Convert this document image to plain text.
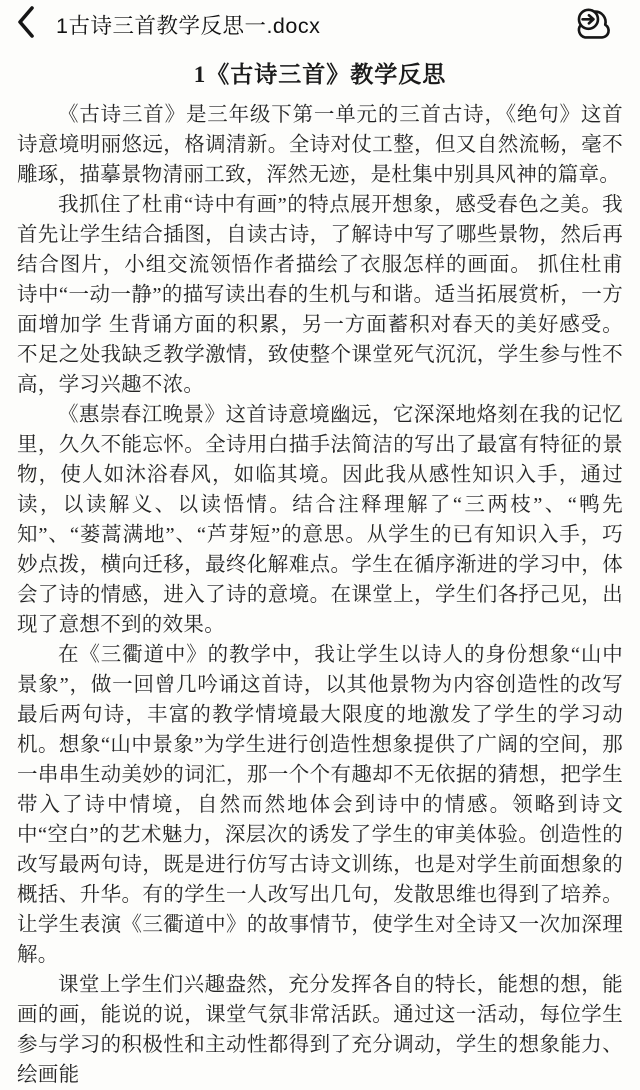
1古诗三首教学反思一.docx
1《古诗三首》教学反思

《古诗三首》是三年级下第一单元的三首古诗，《绝句》这首诗意境明丽悠远，格调清新。全诗对仗工整，但又自然流畅，毫不雕琢，描摹景物清丽工致，浑然无迹，是杜集中别具风神的篇章。

我抓住了杜甫“诗中有画”的特点展开想象，感受春色之美。我首先让学生结合插图，自读古诗，了解诗中写了哪些景物，然后再结合图片，小组交流领悟作者描绘了衣服怎样的画面。 抓住杜甫诗中“一动一静”的描写读出春的生机与和谐。适当拓展赏析，一方面增加学 生背诵方面的积累，另一方面蓄积对春天的美好感受。不足之处我缺乏教学激情，致使整个课堂死气沉沉，学生参与性不高，学习兴趣不浓。

《惠崇春江晚景》这首诗意境幽远，它深深地烙刻在我的记忆里，久久不能忘怀。全诗用白描手法简洁的写出了最富有特征的景物，使人如沐浴春风，如临其境。因此我从感性知识入手，通过读，以读解义、以读悟情。结合注释理解了“三两枝”、“鸭先知”、“蒌蒿满地”、“芦芽短”的意思。从学生的已有知识入手，巧妙点拨，横向迁移，最终化解难点。学生在循序渐进的学习中，体会了诗的情感，进入了诗的意境。在课堂上，学生们各抒己见，出现了意想不到的效果。

在《三衢道中》的教学中，我让学生以诗人的身份想象“山中景象”，做一回曾几吟诵这首诗，以其他景物为内容创造性的改写最后两句诗，丰富的教学情境最大限度的地激发了学生的学习动机。想象“山中景象”为学生进行创造性想象提供了广阔的空间，那一串串生动美妙的词汇，那一个个有趣却不无依据的猜想，把学生带入了诗中情境，自然而然地体会到诗中的情感。领略到诗文中“空白”的艺术魅力，深层次的诱发了学生的审美体验。创造性的改写最两句诗，既是进行仿写古诗文训练，也是对学生前面想象的概括、升华。有的学生一人改写出几句，发散思维也得到了培养。让学生表演《三衢道中》的故事情节，使学生对全诗又一次加深理解。

课堂上学生们兴趣盎然，充分发挥各自的特长，能想的想，能画的画，能说的说，课堂气氛非常活跃。通过这一活动，每位学生参与学习的积极性和主动性都得到了充分调动，学生的想象能力、绘画能
